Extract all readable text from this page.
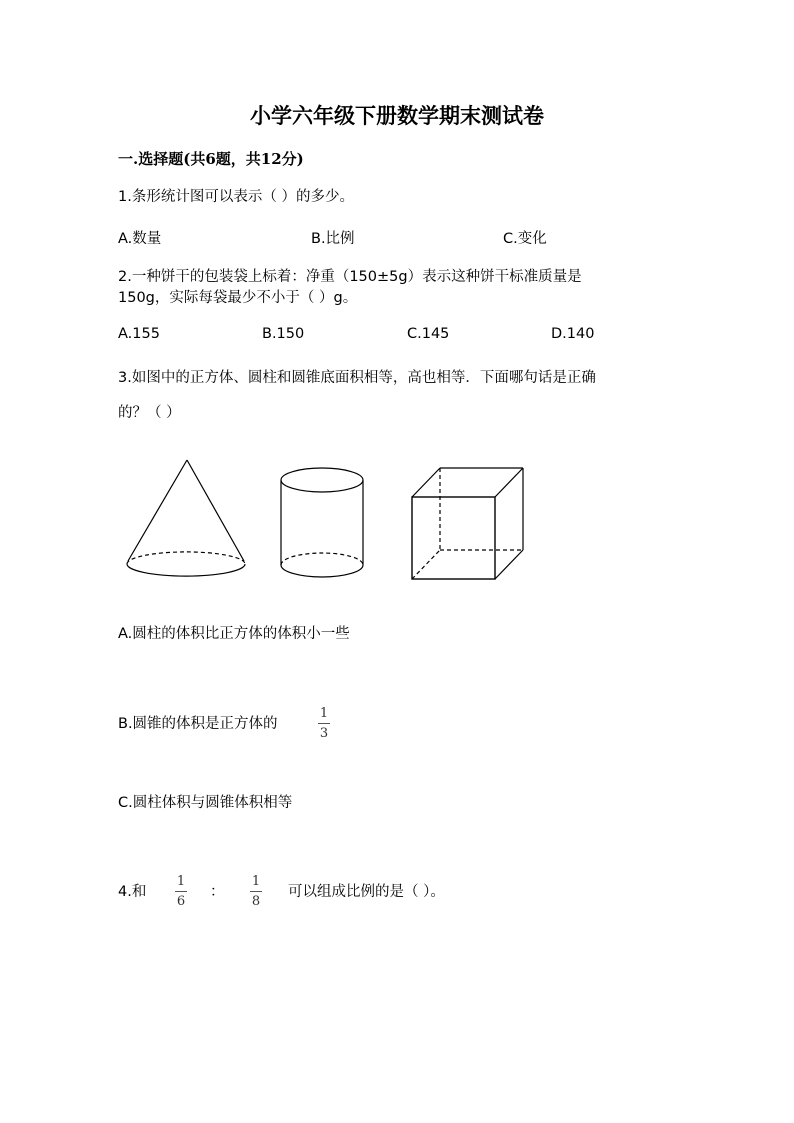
小学六年级下册数学期末测试卷
一.选择题(共6题，共12分)
1.条形统计图可以表示（ ）的多少。
A.数量	B.比例	C.变化
2.一种饼干的包装袋上标着：净重（150±5g）表示这种饼干标准质量是
150g，实际每袋最少不小于（ ）g。
A.155	B.150	C.145	D.140
3.如图中的正方体、圆柱和圆锥底面积相等，高也相等．下面哪句话是正确
的？（ ）
A.圆柱的体积比正方体的体积小一些
B.圆锥的体积是正方体的
1
3
C.圆柱体积与圆锥体积相等
4.和
1
6
：
1
8
可以组成比例的是（ ）。
